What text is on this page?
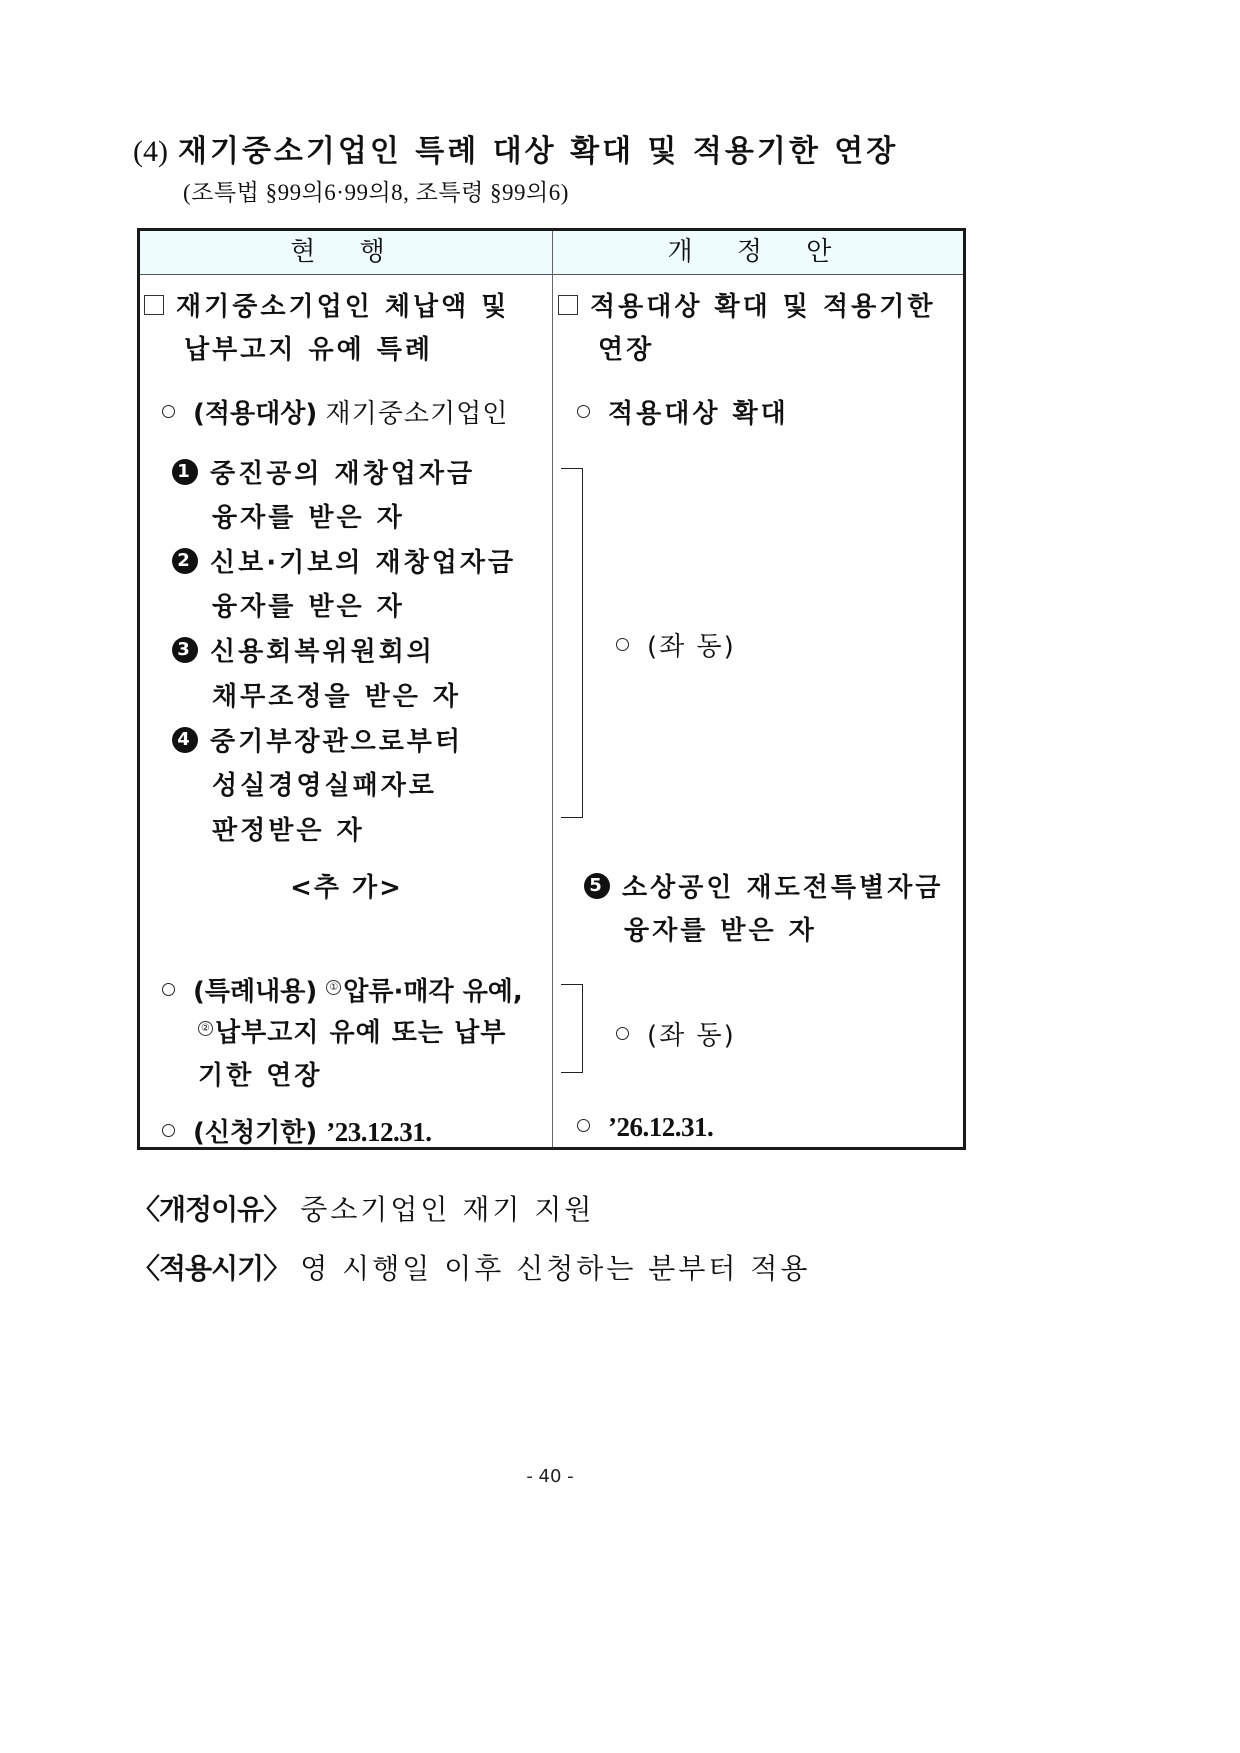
(4) 재기중소기업인 특례 대상 확대 및 적용기한 연장
(조특법 §99의6·99의8, 조특령 §99의6)
현 행	개 정 안
재기중소기업인 체납액 및
납부고지 유예 특례
(적용대상) 재기중소기업인
1 중진공의 재창업자금
융자를 받은 자
2 신보·기보의 재창업자금
융자를 받은 자
3 신용회복위원회의
채무조정을 받은 자
4 중기부장관으로부터
성실경영실패자로
판정받은 자
<추 가>
(특례내용) ① 압류·매각 유예,
② 납부고지 유예 또는 납부
기한 연장
(신청기한) ’23.12.31.
적용대상 확대 및 적용기한
연장
적용대상 확대
(좌 동)
5 소상공인 재도전특별자금
융자를 받은 자
(좌 동)
’26.12.31.
〈개정이유〉 중소기업인 재기 지원
〈적용시기〉 영 시행일 이후 신청하는 분부터 적용
- 40 -
